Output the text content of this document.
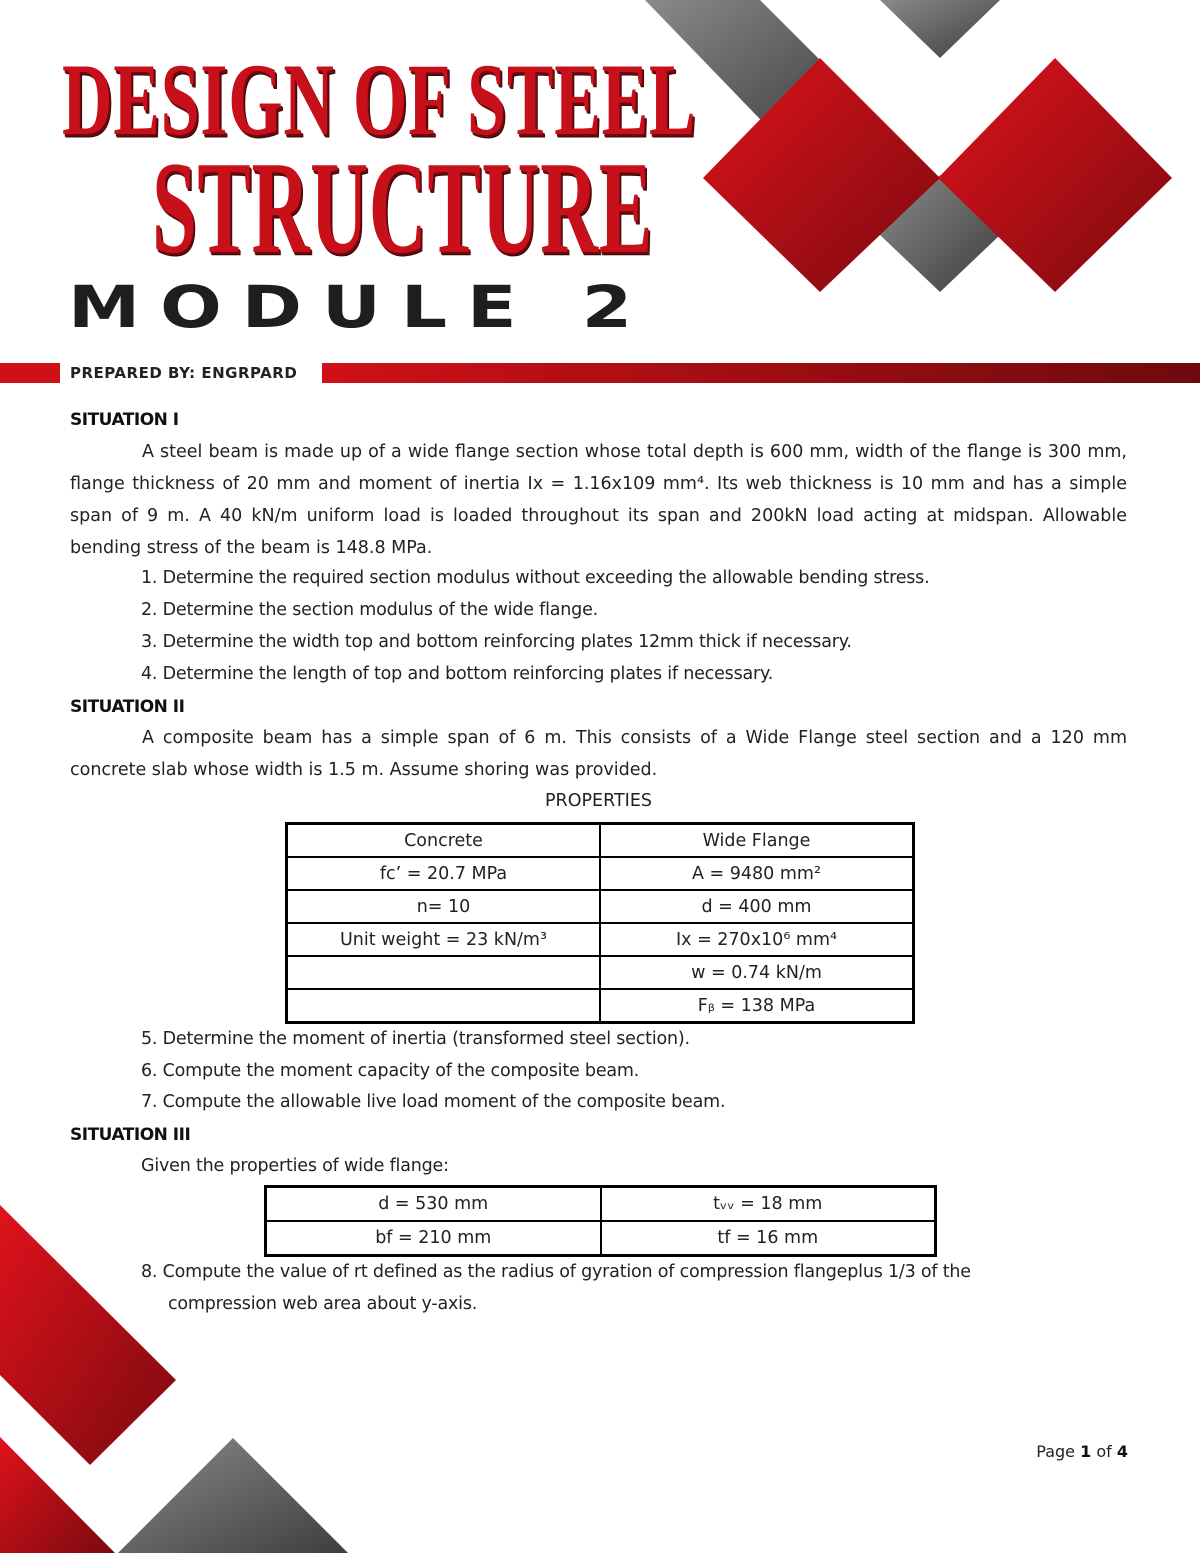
DESIGN OF STEEL
STRUCTURE
MODULE 2
PREPARED BY: ENGRPARD
SITUATION I
A steel beam is made up of a wide flange section whose total depth is 600 mm, width of the flange is 300 mm, flange thickness of 20 mm and moment of inertia Ix = 1.16x109 mm⁴. Its web thickness is 10 mm and has a simple span of 9 m. A 40 kN/m uniform load is loaded throughout its span and 200kN load acting at midspan. Allowable bending stress of the beam is 148.8 MPa.
1. Determine the required section modulus without exceeding the allowable bending stress.
2. Determine the section modulus of the wide flange.
3. Determine the width top and bottom reinforcing plates 12mm thick if necessary.
4. Determine the length of top and bottom reinforcing plates if necessary.
SITUATION II
A composite beam has a simple span of 6 m. This consists of a Wide Flange steel section and a 120 mm concrete slab whose width is 1.5 m. Assume shoring was provided.
PROPERTIES
Concrete	Wide Flange
fc’ = 20.7 MPa	A = 9480 mm²
n= 10	d = 400 mm
Unit weight = 23 kN/m³	Ix = 270x10⁶ mm⁴
	w = 0.74 kN/m
	Fᵦ = 138 MPa
5. Determine the moment of inertia (transformed steel section).
6. Compute the moment capacity of the composite beam.
7. Compute the allowable live load moment of the composite beam.
SITUATION III
Given the properties of wide flange:
d = 530 mm	tᵥᵥ = 18 mm
bf = 210 mm	tf = 16 mm
8. Compute the value of rt defined as the radius of gyration of compression flangeplus 1/3 of the
compression web area about y-axis.
Page 1 of 4
